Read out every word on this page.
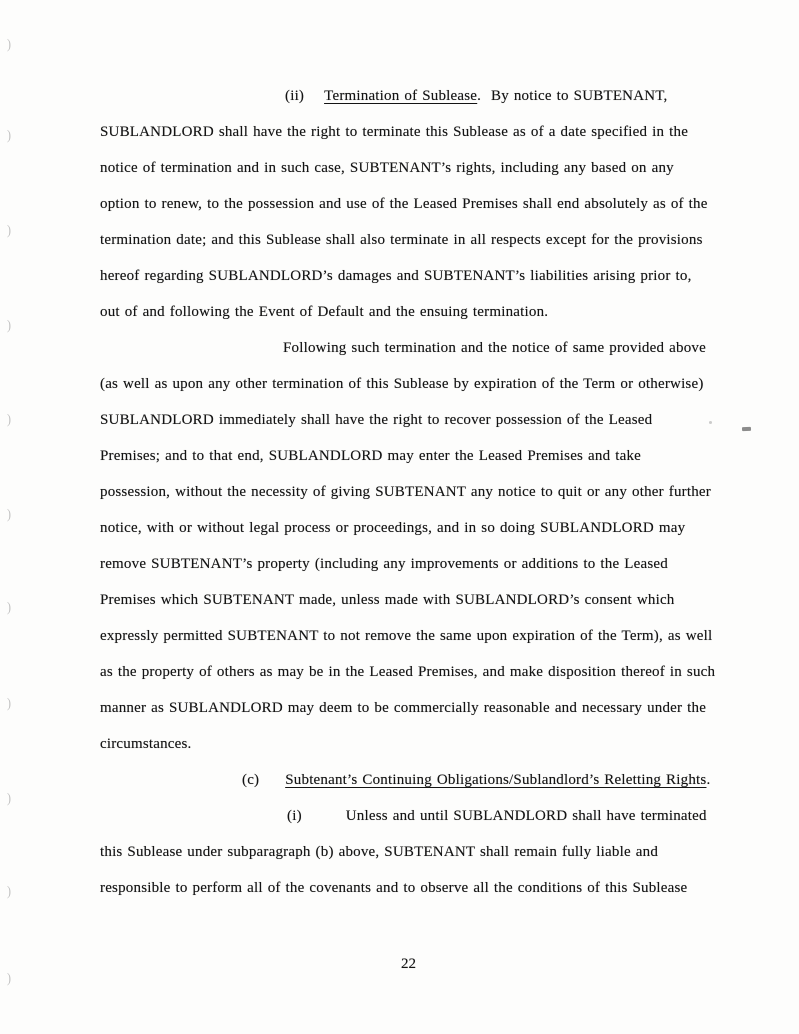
(ii) Termination of Sublease.  By notice to SUBTENANT,
SUBLANDLORD shall have the right to terminate this Sublease as of a date specified in the
notice of termination and in such case, SUBTENANT’s rights, including any based on any
option to renew, to the possession and use of the Leased Premises shall end absolutely as of the
termination date; and this Sublease shall also terminate in all respects except for the provisions
hereof regarding SUBLANDLORD’s damages and SUBTENANT’s liabilities arising prior to,
out of and following the Event of Default and the ensuing termination.
Following such termination and the notice of same provided above
(as well as upon any other termination of this Sublease by expiration of the Term or otherwise)
SUBLANDLORD immediately shall have the right to recover possession of the Leased
Premises; and to that end, SUBLANDLORD may enter the Leased Premises and take
possession, without the necessity of giving SUBTENANT any notice to quit or any other further
notice, with or without legal process or proceedings, and in so doing SUBLANDLORD may
remove SUBTENANT’s property (including any improvements or additions to the Leased
Premises which SUBTENANT made, unless made with SUBLANDLORD’s consent which
expressly permitted SUBTENANT to not remove the same upon expiration of the Term), as well
as the property of others as may be in the Leased Premises, and make disposition thereof in such
manner as SUBLANDLORD may deem to be commercially reasonable and necessary under the
circumstances.
(c) Subtenant’s Continuing Obligations/Sublandlord’s Reletting Rights.
(i)	Unless and until SUBLANDLORD shall have terminated
this Sublease under subparagraph (b) above, SUBTENANT shall remain fully liable and
responsible to perform all of the covenants and to observe all the conditions of this Sublease
22
)
)
)
)
)
)
)
)
)
)
)
